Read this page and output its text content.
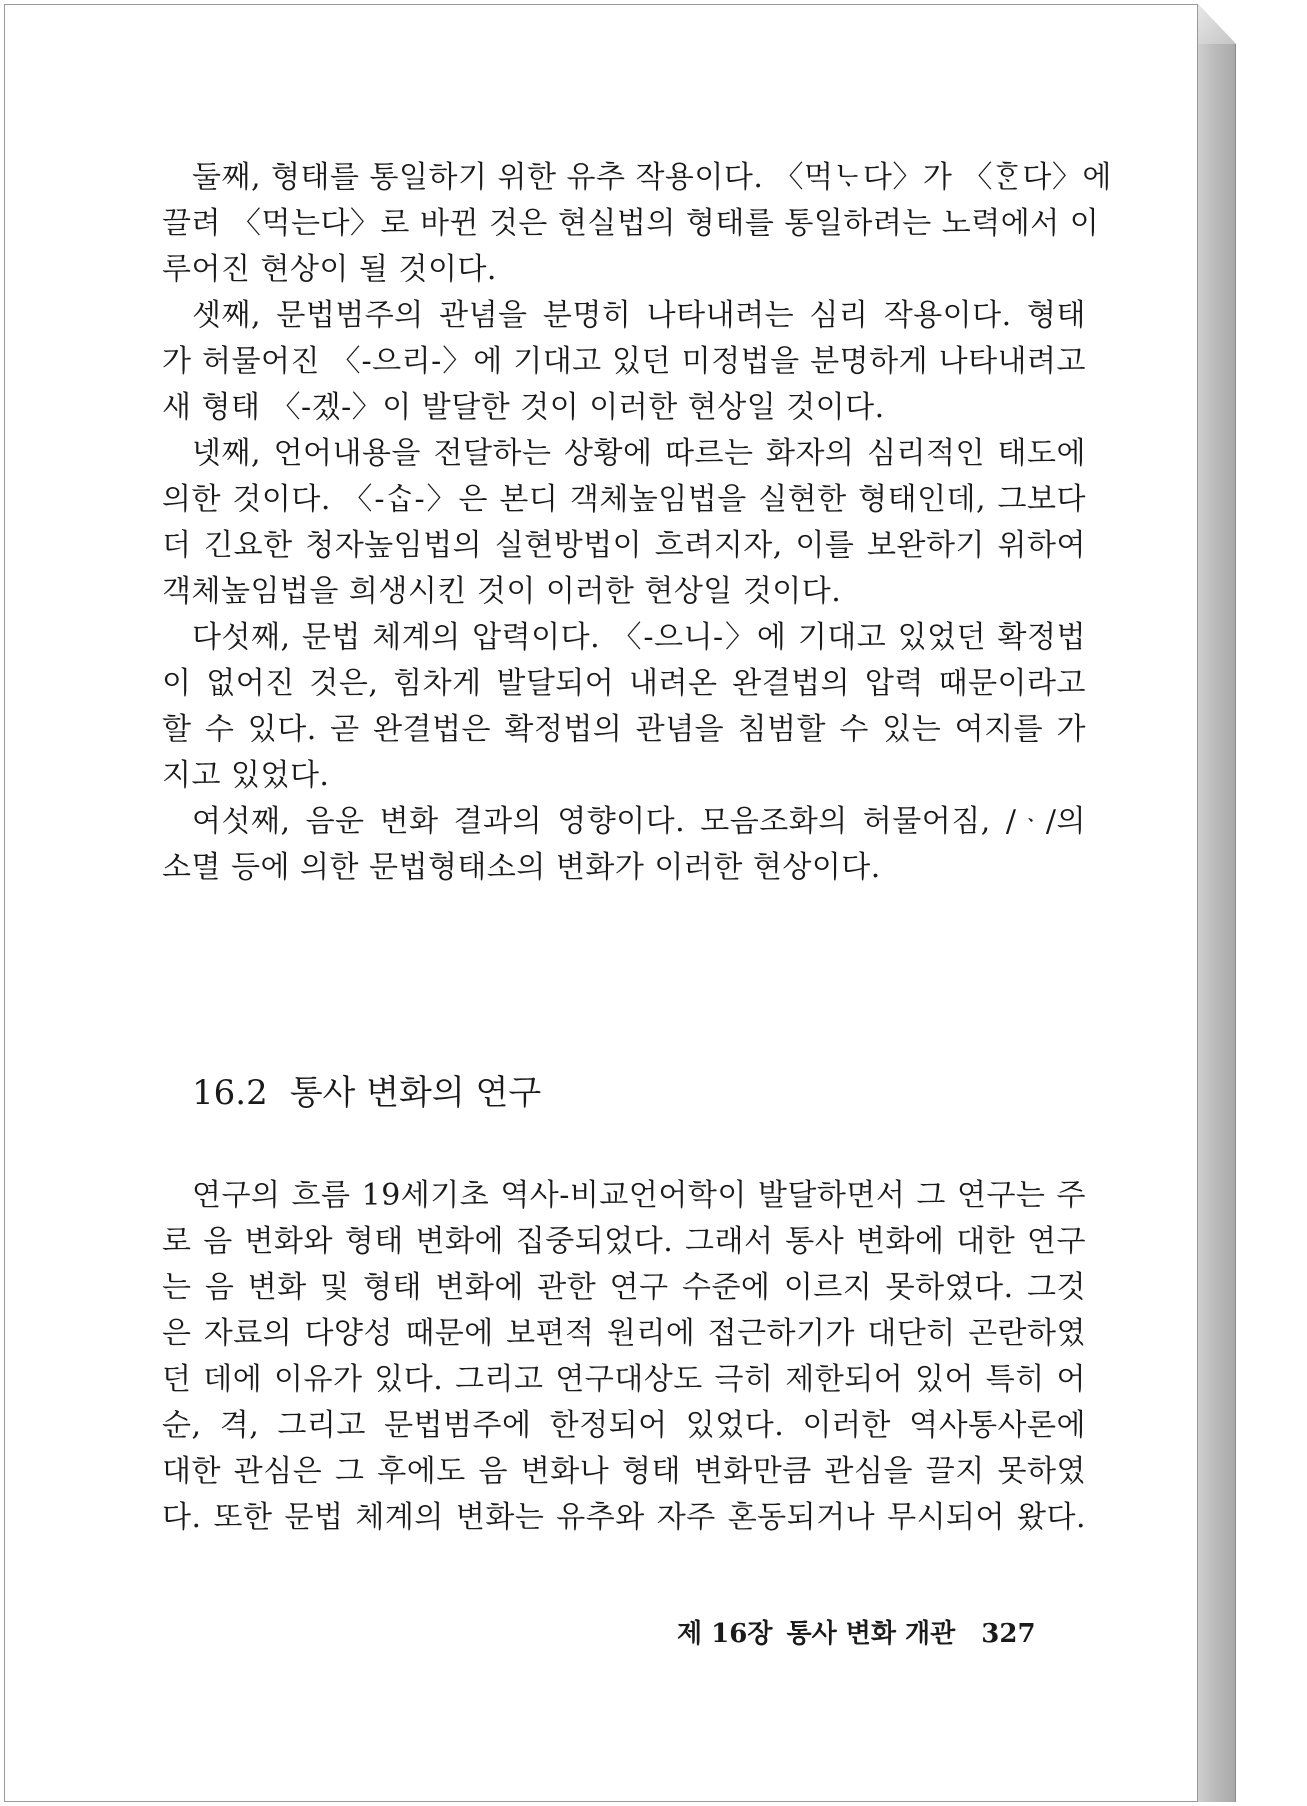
둘째, 형태를 통일하기 위한 유추 작용이다. 〈먹ᄂᆞ다〉가 〈ᄒᆞᆫ다〉에
끌려 〈먹는다〉로 바뀐 것은 현실법의 형태를 통일하려는 노력에서 이
루어진 현상이 될 것이다.
셋째, 문법범주의 관념을 분명히 나타내려는 심리 작용이다. 형태
가 허물어진 〈-으리-〉에 기대고 있던 미정법을 분명하게 나타내려고
새 형태 〈-겠-〉이 발달한 것이 이러한 현상일 것이다.
넷째, 언어내용을 전달하는 상황에 따르는 화자의 심리적인 태도에
의한 것이다. 〈-ᄉᆞᆸ-〉은 본디 객체높임법을 실현한 형태인데, 그보다
더 긴요한 청자높임법의 실현방법이 흐려지자, 이를 보완하기 위하여
객체높임법을 희생시킨 것이 이러한 현상일 것이다.
다섯째, 문법 체계의 압력이다. 〈-으니-〉에 기대고 있었던 확정법
이 없어진 것은, 힘차게 발달되어 내려온 완결법의 압력 때문이라고
할 수 있다. 곧 완결법은 확정법의 관념을 침범할 수 있는 여지를 가
지고 있었다.
여섯째, 음운 변화 결과의 영향이다. 모음조화의 허물어짐, /ᆞ/의
소멸 등에 의한 문법형태소의 변화가 이러한 현상이다.
16.2 통사 변화의 연구
연구의 흐름 19세기초 역사-비교언어학이 발달하면서 그 연구는 주
로 음 변화와 형태 변화에 집중되었다. 그래서 통사 변화에 대한 연구
는 음 변화 및 형태 변화에 관한 연구 수준에 이르지 못하였다. 그것
은 자료의 다양성 때문에 보편적 원리에 접근하기가 대단히 곤란하였
던 데에 이유가 있다. 그리고 연구대상도 극히 제한되어 있어 특히 어
순, 격, 그리고 문법범주에 한정되어 있었다. 이러한 역사통사론에
대한 관심은 그 후에도 음 변화나 형태 변화만큼 관심을 끌지 못하였
다. 또한 문법 체계의 변화는 유추와 자주 혼동되거나 무시되어 왔다.
제 16장 통사 변화 개관 327
